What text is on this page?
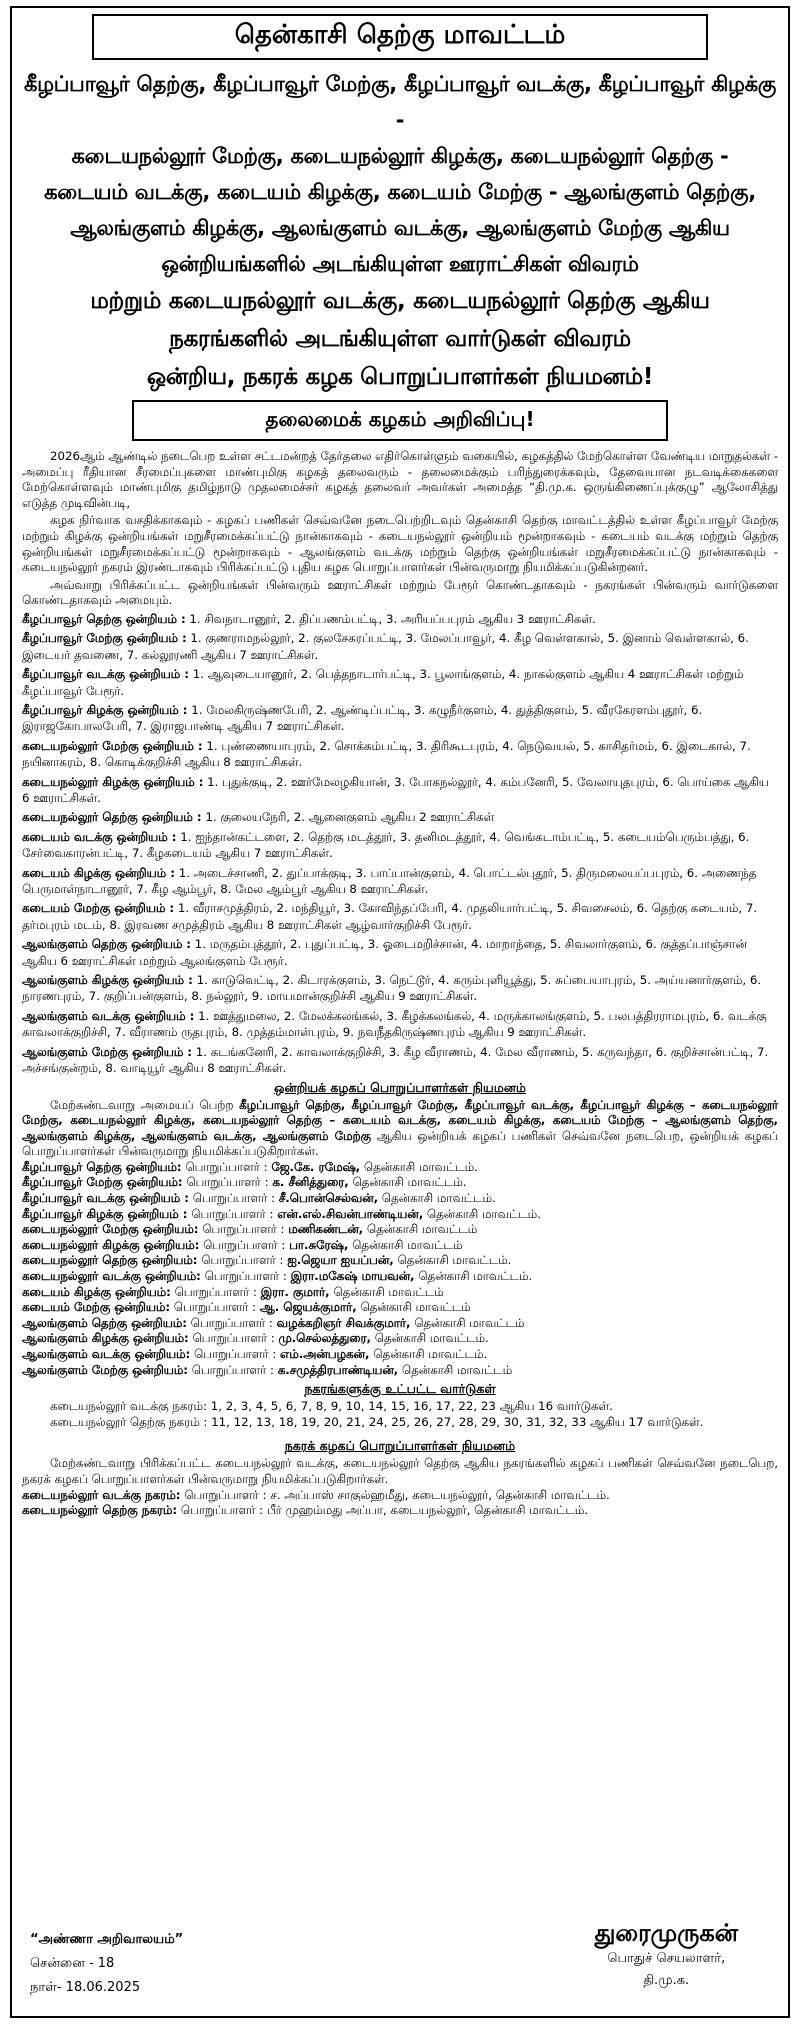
தென்காசி தெற்கு மாவட்டம்
கீழப்பாவூர் தெற்கு, கீழப்பாவூர் மேற்கு, கீழப்பாவூர் வடக்கு, கீழப்பாவூர் கிழக்கு -
கடையநல்லூர் மேற்கு, கடையநல்லூர் கிழக்கு, கடையநல்லூர் தெற்கு -
கடையம் வடக்கு, கடையம் கிழக்கு, கடையம் மேற்கு - ஆலங்குளம் தெற்கு,
ஆலங்குளம் கிழக்கு, ஆலங்குளம் வடக்கு, ஆலங்குளம் மேற்கு ஆகிய
ஒன்றியங்களில் அடங்கியுள்ள ஊராட்சிகள் விவரம்
மற்றும் கடையநல்லூர் வடக்கு, கடையநல்லூர் தெற்கு ஆகிய
நகரங்களில் அடங்கியுள்ள வார்டுகள் விவரம்
ஒன்றிய, நகரக் கழக பொறுப்பாளர்கள் நியமனம்!
தலைமைக் கழகம் அறிவிப்பு!

2026ஆம் ஆண்டில் நடைபெற உள்ள சட்டமன்றத் தேர்தலை எதிர்கொள்ளும் வகையில், கழகத்தில் மேற்கொள்ள வேண்டிய மாறுதல்கள் - அமைப்பு ரீதியான சீரமைப்புகளை மாண்புமிகு கழகத் தலைவரும் - தலைமைக்கும் பரிந்துரைக்கவும், தேவையான நடவடிக்கைகளை மேற்கொள்ளவும் மாண்புமிகு தமிழ்நாடு முதலமைச்சர் கழகத் தலைவர் அவர்கள் அமைத்த “தி.மு.க. ஒருங்கிணைப்புக்குழு” ஆலோசித்து எடுத்த முடிவின்படி,

கழக நிர்வாக வசதிக்காகவும் - கழகப் பணிகள் செவ்வனே நடைபெற்றிடவும் தென்காசி தெற்கு மாவட்டத்தில் உள்ள கீழப்பாவூர் மேற்கு மற்றும் கிழக்கு ஒன்றியங்கள் மறுசீரமைக்கப்பட்டு நான்காகவும் - கடையநல்லூர் ஒன்றியம் மூன்றாகவும் - கடையம் வடக்கு மற்றும் தெற்கு ஒன்றியங்கள் மறுசீரமைக்கப்பட்டு மூன்றாகவும் - ஆலங்குளம் வடக்கு மற்றும் தெற்கு ஒன்றியங்கள் மறுசீரமைக்கப்பட்டு நான்காகவும் - கடையநல்லூர் நகரம் இரண்டாகவும் பிரிக்கப்பட்டு புதிய கழக பொறுப்பாளர்கள் பின்வருமாறு நியமிக்கப்படுகின்றனர்.

அவ்வாறு பிரிக்கப்பட்ட ஒன்றியங்கள் பின்வரும் ஊராட்சிகள் மற்றும் பேரூர் கொண்டதாகவும் - நகரங்கள் பின்வரும் வார்டுகளை கொண்டதாகவும் அமையும்.

கீழப்பாவூர் தெற்கு ஒன்றியம் : 1. சிவநாடானூர், 2. திப்பணம்பட்டி, 3. அரியப்பபுரம் ஆகிய 3 ஊராட்சிகள்.

கீழப்பாவூர் மேற்கு ஒன்றியம் : 1. குணராமநல்லூர், 2. குலசேகரப்பட்டி, 3. மேலப்பாவூர், 4. கீழ வெள்ளகால், 5. இனாம் வெள்ளகால், 6. இடையர் தவணை, 7. கல்லூரணி ஆகிய 7 ஊராட்சிகள்.

கீழப்பாவூர் வடக்கு ஒன்றியம் : 1. ஆவுடையானூர், 2. பெத்தநாடார்பட்டி, 3. பூலாங்குளம், 4. நாகல்குளம் ஆகிய 4 ஊராட்சிகள் மற்றும் கீழப்பாவூர் பேரூர்.

கீழப்பாவூர் கிழக்கு ஒன்றியம் : 1. மேலகிருஷ்ணபேரி, 2. ஆண்டிப்பட்டி, 3. கழுநீர்குளம், 4. துத்திகுளம், 5. வீரகேரளம்புதூர், 6. இராஜகோபாலபேரி, 7. இராஜபாண்டி ஆகிய 7 ஊராட்சிகள்.

கடையநல்லூர் மேற்கு ஒன்றியம் : 1. புண்ணையாபுரம், 2. சொக்கம்பட்டி, 3. திரிகூடபுரம், 4. நெடுவயல், 5. காசிதர்மம், 6. இடைகால், 7. நயினாகரம், 8. கொடிக்குறிச்சி ஆகிய 8 ஊராட்சிகள்.

கடையநல்லூர் கிழக்கு ஒன்றியம் : 1. புதுக்குடி, 2. ஊர்மேலழகியான், 3. போகநல்லூர், 4. கம்பனேரி, 5. வேலாயுதபுரம், 6. பொய்கை ஆகிய 6 ஊராட்சிகள்.

கடையநல்லூர் தெற்கு ஒன்றியம் : 1. குலையநேரி, 2. ஆனைகுளம் ஆகிய 2 ஊராட்சிகள்

கடையம் வடக்கு ஒன்றியம் : 1. ஐந்தான்கட்டளை, 2. தெற்கு மடத்தூர், 3. தனிமடத்தூர், 4. வெங்கடாம்பட்டி, 5. கடையம்பெரும்பத்து, 6. சேர்வைகாரன்பட்டி, 7. கீழகடையம் ஆகிய 7 ஊராட்சிகள்.

கடையம் கிழக்கு ஒன்றியம் : 1. அடைச்சாணி, 2. துப்பாக்குடி, 3. பாப்பான்குளம், 4. பொட்டல்புதூர், 5. திருமலையப்பபுரம், 6. அணைந்த பெருமாள்நாடானூர், 7. கீழ ஆம்பூர், 8. மேல ஆம்பூர் ஆகிய 8 ஊராட்சிகள்.

கடையம் மேற்கு ஒன்றியம் : 1. வீராசமுத்திரம், 2. மந்தியூர், 3. கோவிந்தப்பேரி, 4. முதலியார்பட்டி, 5. சிவசைலம், 6. தெற்கு கடையம், 7. தர்மபுரம் மடம், 8. இரவண சமுத்திரம் ஆகிய 8 ஊராட்சிகள் ஆழ்வார்குறிச்சி பேரூர்.

ஆலங்குளம் தெற்கு ஒன்றியம் : 1. மருதம்புத்தூர், 2. புதுப்பட்டி, 3. ஓடைமறிச்சான், 4. மாறாந்தை, 5. சிவலார்குளம், 6. குத்தப்பாஞ்சான் ஆகிய 6 ஊராட்சிகள் மற்றும் ஆலங்குளம் பேரூர்.

ஆலங்குளம் கிழக்கு ஒன்றியம் : 1. காடுவெட்டி, 2. கிடாரக்குளம், 3. நெட்டூர், 4. கரும்புளியூத்து, 5. சுப்பையாபுரம், 5. அய்யனார்குளம், 6. நாரணபுரம், 7. குறிப்பன்குளம், 8. நல்லூர், 9. மாயமான்குறிச்சி ஆகிய 9 ஊராட்சிகள்.

ஆலங்குளம் வடக்கு ஒன்றியம் : 1. ஊத்துமலை, 2. மேலக்கலங்கல், 3. கீழக்கலங்கல், 4. மருக்காலங்குளம், 5. பலபத்திரராமபுரம், 6. வடக்கு காவலாக்குறிச்சி, 7. வீராணம் ருதபுரம், 8. முத்தம்மாள்புரம், 9. நவநீதகிருஷ்ணபுரம் ஆகிய 9 ஊராட்சிகள்.

ஆலங்குளம் மேற்கு ஒன்றியம் : 1. கடங்கனேரி, 2. காவலாக்குறிச்சி, 3. கீழ வீராணம், 4. மேல வீராணம், 5. கருவந்தா, 6. குறிச்சான்பட்டி, 7. அச்சங்குன்றம், 8. வாடியூர் ஆகிய 8 ஊராட்சிகள்.

ஒன்றியக் கழகப் பொறுப்பாளர்கள் நியமனம்

மேற்கண்டவாறு அமையப் பெற்ற கீழப்பாவூர் தெற்கு, கீழப்பாவூர் மேற்கு, கீழப்பாவூர் வடக்கு, கீழப்பாவூர் கிழக்கு – கடையநல்லூர் மேற்கு, கடையநல்லூர் கிழக்கு, கடையநல்லூர் தெற்கு – கடையம் வடக்கு, கடையம் கிழக்கு, கடையம் மேற்கு – ஆலங்குளம் தெற்கு, ஆலங்குளம் கிழக்கு, ஆலங்குளம் வடக்கு, ஆலங்குளம் மேற்கு ஆகிய ஒன்றியக் கழகப் பணிகள் செவ்வனே நடைபெற, ஒன்றியக் கழகப் பொறுப்பாளர்கள் பின்வருமாறு நியமிக்கப்படுகிறார்கள்.

கீழப்பாவூர் தெற்கு ஒன்றியம்: பொறுப்பாளர் : ஜே.கே. ரமேஷ், தென்காசி மாவட்டம்.

கீழப்பாவூர் மேற்கு ஒன்றியம்: பொறுப்பாளர் : க. சீனித்துரை, தென்காசி மாவட்டம்.

கீழப்பாவூர் வடக்கு ஒன்றியம் : பொறுப்பாளர் : சீ.பொன்செல்வன், தென்காசி மாவட்டம்.

கீழப்பாவூர் கிழக்கு ஒன்றியம் : பொறுப்பாளர் : என்.எல்.சிவன்பாண்டியன், தென்காசி மாவட்டம்.

கடையநல்லூர் மேற்கு ஒன்றியம்: பொறுப்பாளர் : மணிகண்டன், தென்காசி மாவட்டம்

கடையநல்லூர் கிழக்கு ஒன்றியம்: பொறுப்பாளர் : பா.சுரேஷ், தென்காசி மாவட்டம்

கடையநல்லூர் தெற்கு ஒன்றியம்: பொறுப்பாளர் : ஐ.ஜெயா ஐயப்பன், தென்காசி மாவட்டம்.

கடையநல்லூர் வடக்கு ஒன்றியம்: பொறுப்பாளர் : இரா.மகேஷ் மாயவன், தென்காசி மாவட்டம்.

கடையம் கிழக்கு ஒன்றியம்: பொறுப்பாளர் : இரா. குமார், தென்காசி மாவட்டம்

கடையம் மேற்கு ஒன்றியம்: பொறுப்பாளர் : ஆ. ஜெயக்குமார், தென்காசி மாவட்டம்

ஆலங்குளம் தெற்கு ஒன்றியம்: பொறுப்பாளர் : வழக்கறிஞர் சிவக்குமார், தென்காசி மாவட்டம்

ஆலங்குளம் கிழக்கு ஒன்றியம்: பொறுப்பாளர் : மு.செல்லத்துரை, தென்காசி மாவட்டம்.

ஆலங்குளம் வடக்கு ஒன்றியம்: பொறுப்பாளர் : எம்.அன்பழகன், தென்காசி மாவட்டம்.

ஆலங்குளம் மேற்கு ஒன்றியம்: பொறுப்பாளர் : க.சமுத்திரபாண்டியன், தென்காசி மாவட்டம்

நகரங்களுக்கு உட்பட்ட வார்டுகள்

கடையநல்லூர் வடக்கு நகரம்: 1, 2, 3, 4, 5, 6, 7, 8, 9, 10, 14, 15, 16, 17, 22, 23 ஆகிய 16 வார்டுகள்.

கடையநல்லூர் தெற்கு நகரம் : 11, 12, 13, 18, 19, 20, 21, 24, 25, 26, 27, 28, 29, 30, 31, 32, 33 ஆகிய 17 வார்டுகள்.

நகரக் கழகப் பொறுப்பாளர்கள் நியமனம்

மேற்கண்டவாறு பிரிக்கப்பட்ட கடையநல்லூர் வடக்கு, கடையநல்லூர் தெற்கு ஆகிய நகரங்களில் கழகப் பணிகள் செவ்வனே நடைபெற, நகரக் கழகப் பொறுப்பாளர்கள் பின்வருமாறு நியமிக்கப்படுகிறார்கள்.

கடையநல்லூர் வடக்கு நகரம்: பொறுப்பாளர் : ச. அப்பாஸ் சாகுல்ஹமீது, கடையநல்லூர், தென்காசி மாவட்டம்.

கடையநல்லூர் தெற்கு நகரம்: பொறுப்பாளர் : பீர் முஹம்மது அப்பா, கடையநல்லூர், தென்காசி மாவட்டம்.

“அண்ணா அறிவாலயம்”
சென்னை - 18
நாள்- 18.06.2025
துரைமுருகன்
பொதுச் செயலாளர்,
தி.மு.க.
